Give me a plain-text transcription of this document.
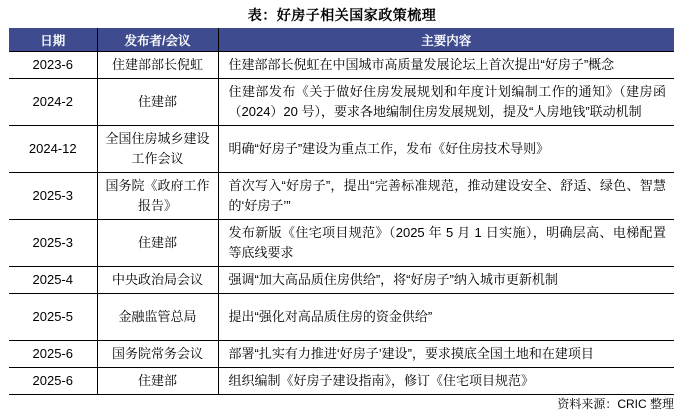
表：好房子相关国家政策梳理
日期	发布者/会议	主要内容
2023-6	住建部部长倪虹	住建部部长倪虹在中国城市高质量发展论坛上首次提出“好房子”概念
2024-2	住建部	住建部发布《关于做好住房发展规划和年度计划编制工作的通知》（建房函（2024）20 号），要求各地编制住房发展规划，提及“人房地钱”联动机制
2024-12	全国住房城乡建设工作会议	明确“好房子”建设为重点工作，发布《好住房技术导则》
2025-3	国务院《政府工作报告》	首次写入“好房子”，提出“完善标准规范，推动建设安全、舒适、绿色、智慧的‘好房子’”
2025-3	住建部	发布新版《住宅项目规范》（2025 年 5 月 1 日实施），明确层高、电梯配置等底线要求
2025-4	中央政治局会议	强调“加大高品质住房供给”，将“好房子”纳入城市更新机制
2025-5	金融监管总局	提出“强化对高品质住房的资金供给”
2025-6	国务院常务会议	部署“扎实有力推进‘好房子’建设”，要求摸底全国土地和在建项目
2025-6	住建部	组织编制《好房子建设指南》，修订《住宅项目规范》
资料来源：CRIC 整理
